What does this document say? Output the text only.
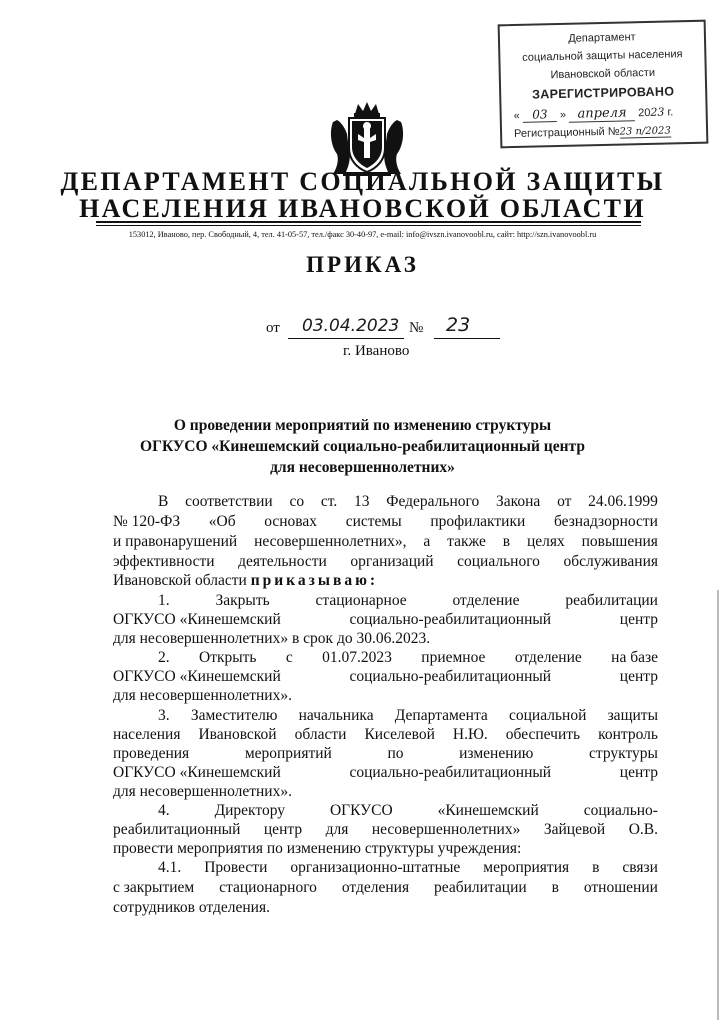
Департамент
социальной защиты населения
Ивановской области
ЗАРЕГИСТРИРОВАНО
« 03 » апреля 2023 г.
Регистрационный №23 п/2023
ДЕПАРТАМЕНТ СОЦИАЛЬНОЙ ЗАЩИТЫ
НАСЕЛЕНИЯ ИВАНОВСКОЙ ОБЛАСТИ
153012, Иваново, пер. Свободный, 4, тел. 41-05-57, тел./факс 30-40-97, e-mail: info@ivszn.ivanovoobl.ru, сайт: http://szn.ivanovoobl.ru
ПРИКАЗ
от 03.04.2023 № 23
г. Иваново
О проведении мероприятий по изменению структуры
ОГКУСО «Кинешемский социально-реабилитационный центр
для несовершеннолетних»
В соответствии со ст. 13 Федерального Закона от 24.06.1999
№ 120-ФЗ «Об основах системы профилактики безнадзорности
и правонарушений несовершеннолетних», а также в целях повышения
эффективности деятельности организаций социального обслуживания
Ивановской области приказываю:
1.	Закрыть	стационарное	отделение	реабилитации
ОГКУСО «Кинешемский	социально-реабилитационный	центр
для несовершеннолетних» в срок до 30.06.2023.
2. Открыть с 01.07.2023 приемное отделение на базе
ОГКУСО «Кинешемский	социально-реабилитационный	центр
для несовершеннолетних».
3. Заместителю начальника Департамента социальной защиты
населения Ивановской области Киселевой Н.Ю. обеспечить контроль
проведения	мероприятий	по	изменению	структуры
ОГКУСО «Кинешемский	социально-реабилитационный	центр
для несовершеннолетних».
4.	Директору	ОГКУСО	«Кинешемский	социально-
реабилитационный центр для несовершеннолетних» Зайцевой О.В.
провести мероприятия по изменению структуры учреждения:
4.1. Провести организационно-штатные мероприятия в связи
с закрытием стационарного отделения реабилитации в отношении
сотрудников отделения.
